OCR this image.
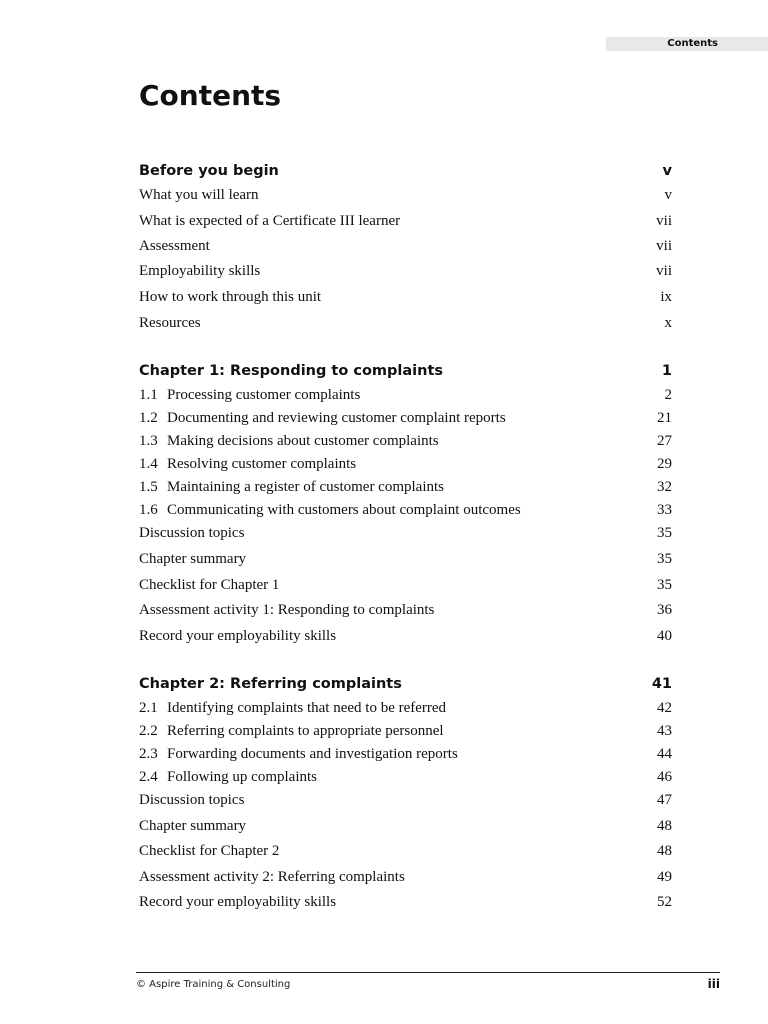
Contents
Contents
Before you begin	v
What you will learn	v
What is expected of a Certificate III learner	vii
Assessment	vii
Employability skills	vii
How to work through this unit	ix
Resources	x
Chapter 1: Responding to complaints	1
1.1 Processing customer complaints	2
1.2 Documenting and reviewing customer complaint reports	21
1.3 Making decisions about customer complaints	27
1.4 Resolving customer complaints	29
1.5 Maintaining a register of customer complaints	32
1.6 Communicating with customers about complaint outcomes	33
Discussion topics	35
Chapter summary	35
Checklist for Chapter 1	35
Assessment activity 1: Responding to complaints	36
Record your employability skills	40
Chapter 2: Referring complaints	41
2.1 Identifying complaints that need to be referred	42
2.2 Referring complaints to appropriate personnel	43
2.3 Forwarding documents and investigation reports	44
2.4 Following up complaints	46
Discussion topics	47
Chapter summary	48
Checklist for Chapter 2	48
Assessment activity 2: Referring complaints	49
Record your employability skills	52
© Aspire Training & Consulting	iii
